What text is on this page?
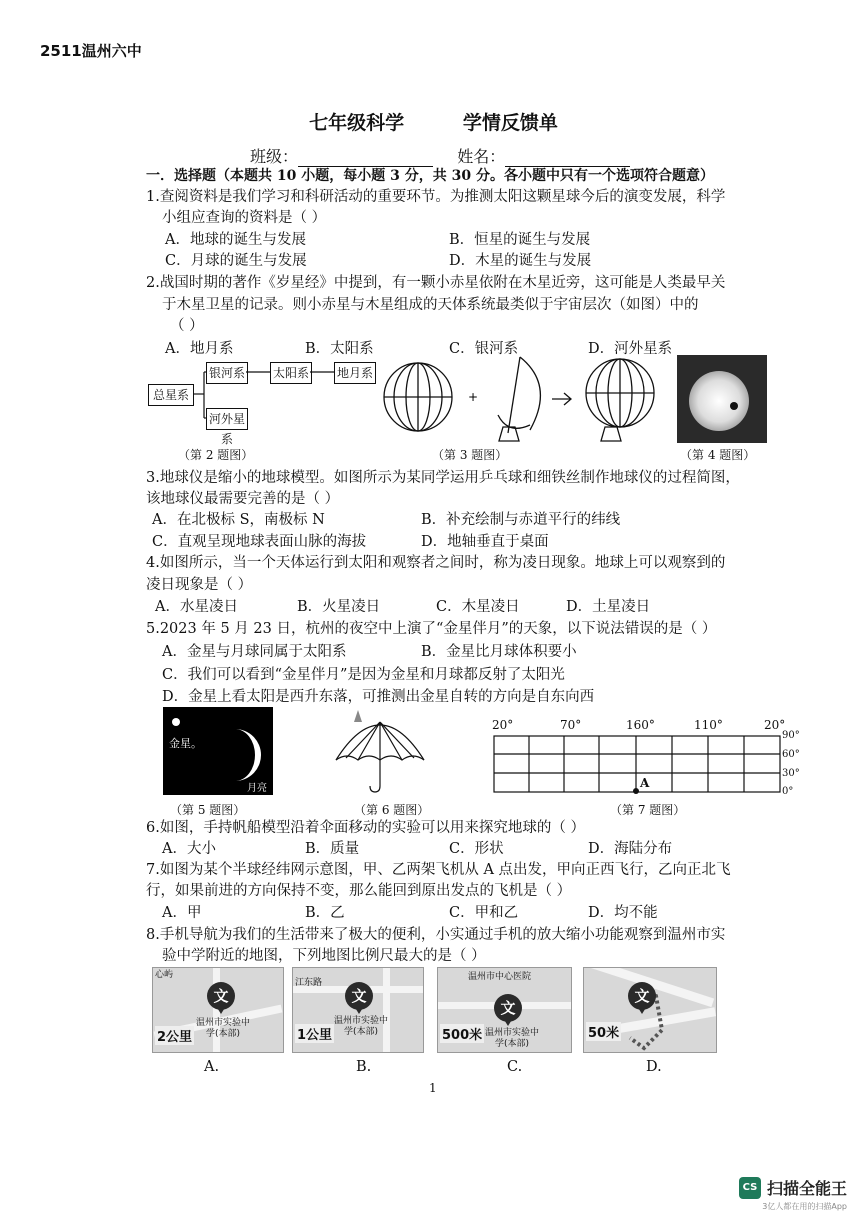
2511温州六中
七年级科学	学情反馈单
班级：	姓名：
一．选择题（本题共 10 小题，每小题 3 分，共 30 分。各小题中只有一个选项符合题意）
1.查阅资料是我们学习和科研活动的重要环节。为推测太阳这颗星球今后的演变发展，科学
小组应查询的资料是（ ）
A．地球的诞生与发展	B．恒星的诞生与发展
C．月球的诞生与发展	D．木星的诞生与发展
2.战国时期的著作《岁星经》中提到，有一颗小赤星依附在木星近旁，这可能是人类最早关
于木星卫星的记录。则小赤星与木星组成的天体系统最类似于宇宙层次（如图）中的
（ ）
A．地月系	B．太阳系	C．银河系	D．河外星系
总星系
银河系 太阳系 地月系
河外星系
（第 2 题图）
+
（第 3 题图）	（第 4 题图）
3.地球仪是缩小的地球模型。如图所示为某同学运用乒乓球和细铁丝制作地球仪的过程简图，
该地球仪最需要完善的是（ ）
A．在北极标 S，南极标 N	B．补充绘制与赤道平行的纬线
C．直观呈现地球表面山脉的海拔	D．地轴垂直于桌面
4.如图所示，当一个天体运行到太阳和观察者之间时，称为凌日现象。地球上可以观察到的
凌日现象是（ ）
A．水星凌日	B．火星凌日	C．木星凌日	D．土星凌日
5.2023 年 5 月 23 日，杭州的夜空中上演了“金星伴月”的天象，以下说法错误的是（ ）
A．金星与月球同属于太阳系	B．金星比月球体积要小
C．我们可以看到“金星伴月”是因为金星和月球都反射了太阳光
D．金星上看太阳是西升东落，可推测出金星自转的方向是自东向西
金星。
月亮
（第 5 题图）	（第 6 题图）
20°	70°	160°	110°	20°
A
90°
60°
30°
0°
（第 7 题图）
6.如图，手持帆船模型沿着伞面移动的实验可以用来探究地球的（ ）
A．大小	B．质量	C．形状	D．海陆分布
7.如图为某个半球经纬网示意图，甲、乙两架飞机从 A 点出发，甲向正西飞行，乙向正北飞
行，如果前进的方向保持不变，那么能回到原出发点的飞机是（ ）
A．甲	B．乙	C．甲和乙	D．均不能
8.手机导航为我们的生活带来了极大的便利，小实通过手机的放大缩小功能观察到温州市实
验中学附近的地图，下列地图比例尺最大的是（ ）
心屿
文
温州市实验中学(本部)
2公里
江东路
文
温州市实验中学(本部)
1公里
温州市中心医院
文
温州市实验中学(本部)
500米
文
50米
A.	B.	C.	D.
1
CS 扫描全能王
3亿人都在用的扫描App
